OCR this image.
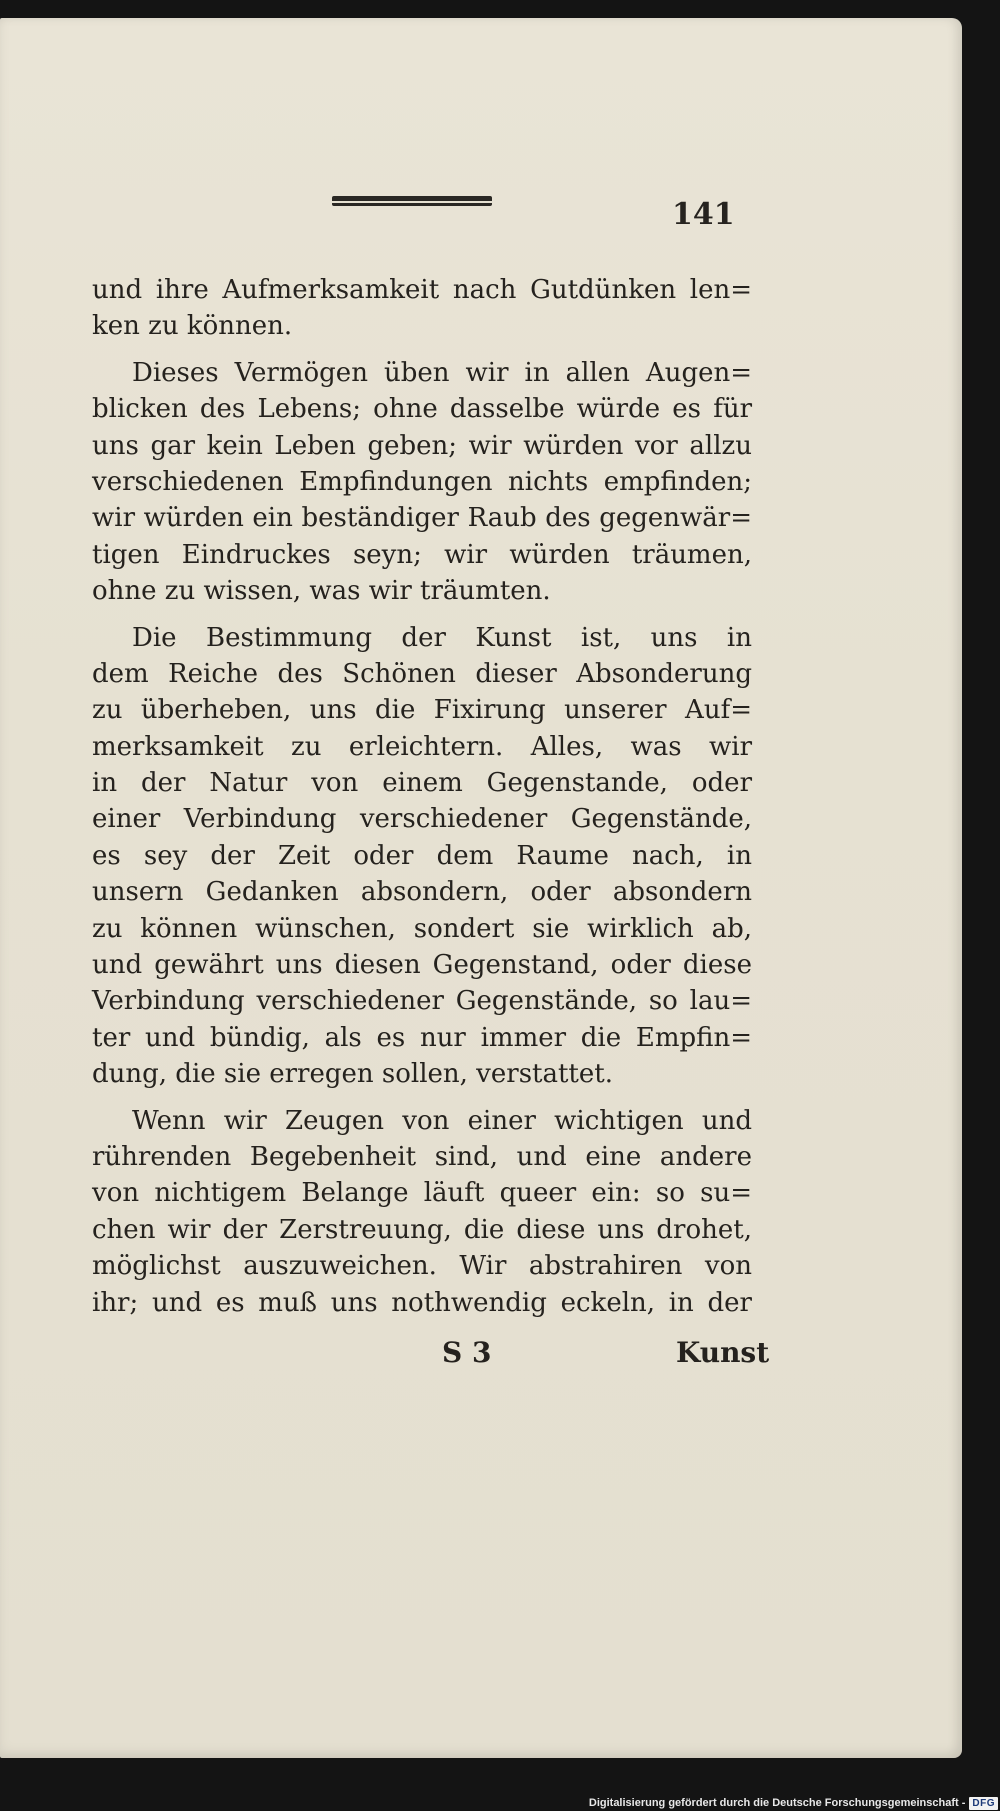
141
und ihre Aufmerksamkeit nach Gutdünken len=
ken zu können.
Dieses Vermögen üben wir in allen Augen=
blicken des Lebens; ohne dasselbe würde es für
uns gar kein Leben geben; wir würden vor allzu
verschiedenen Empfindungen nichts empfinden;
wir würden ein beständiger Raub des gegenwär=
tigen Eindruckes seyn; wir würden träumen,
ohne zu wissen, was wir träumten.
Die Bestimmung der Kunst ist, uns in
dem Reiche des Schönen dieser Absonderung
zu überheben, uns die Fixirung unserer Auf=
merksamkeit zu erleichtern. Alles, was wir
in der Natur von einem Gegenstande, oder
einer Verbindung verschiedener Gegenstände,
es sey der Zeit oder dem Raume nach, in
unsern Gedanken absondern, oder absondern
zu können wünschen, sondert sie wirklich ab,
und gewährt uns diesen Gegenstand, oder diese
Verbindung verschiedener Gegenstände, so lau=
ter und bündig, als es nur immer die Empfin=
dung, die sie erregen sollen, verstattet.
Wenn wir Zeugen von einer wichtigen und
rührenden Begebenheit sind, und eine andere
von nichtigem Belange läuft queer ein: so su=
chen wir der Zerstreuung, die diese uns drohet,
möglichst auszuweichen. Wir abstrahiren von
ihr; und es muß uns nothwendig eckeln, in der
S 3	Kunst
Digitalisierung gefördert durch die Deutsche Forschungsgemeinschaft - DFG
